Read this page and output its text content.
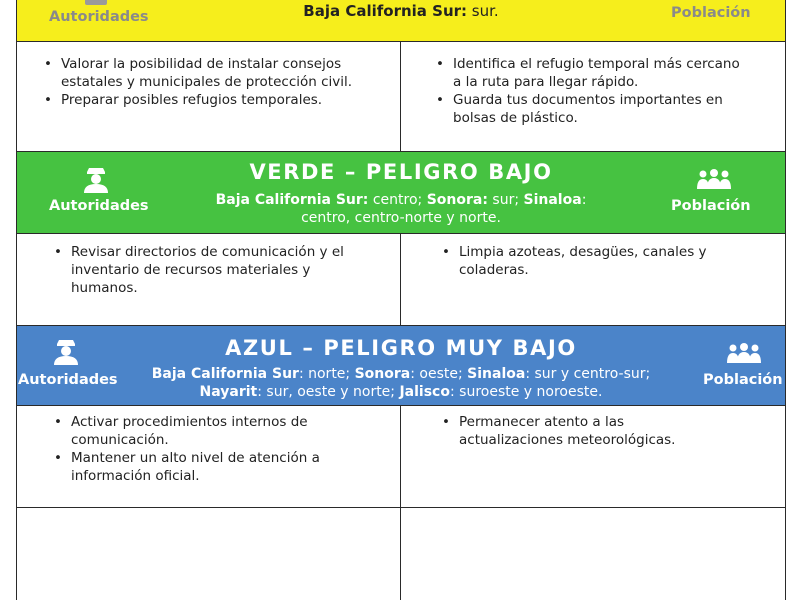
Autoridades	Baja California Sur: sur.	Población
• Valorar la posibilidad de instalar consejos estatales y municipales de protección civil.
• Preparar posibles refugios temporales.
• Identifica el refugio temporal más cercano a la ruta para llegar rápido.
• Guarda tus documentos importantes en bolsas de plástico.
Autoridades
VERDE – PELIGRO BAJO
Baja California Sur: centro; Sonora: sur; Sinaloa:
centro, centro-norte y norte.
Población
• Revisar directorios de comunicación y el inventario de recursos materiales y humanos.
• Limpia azoteas, desagües, canales y coladeras.
Autoridades
AZUL – PELIGRO MUY BAJO
Baja California Sur: norte; Sonora: oeste; Sinaloa: sur y centro-sur;
Nayarit: sur, oeste y norte; Jalisco: suroeste y noroeste.
Población
• Activar procedimientos internos de comunicación.
• Mantener un alto nivel de atención a información oficial.
• Permanecer atento a las actualizaciones meteorológicas.
